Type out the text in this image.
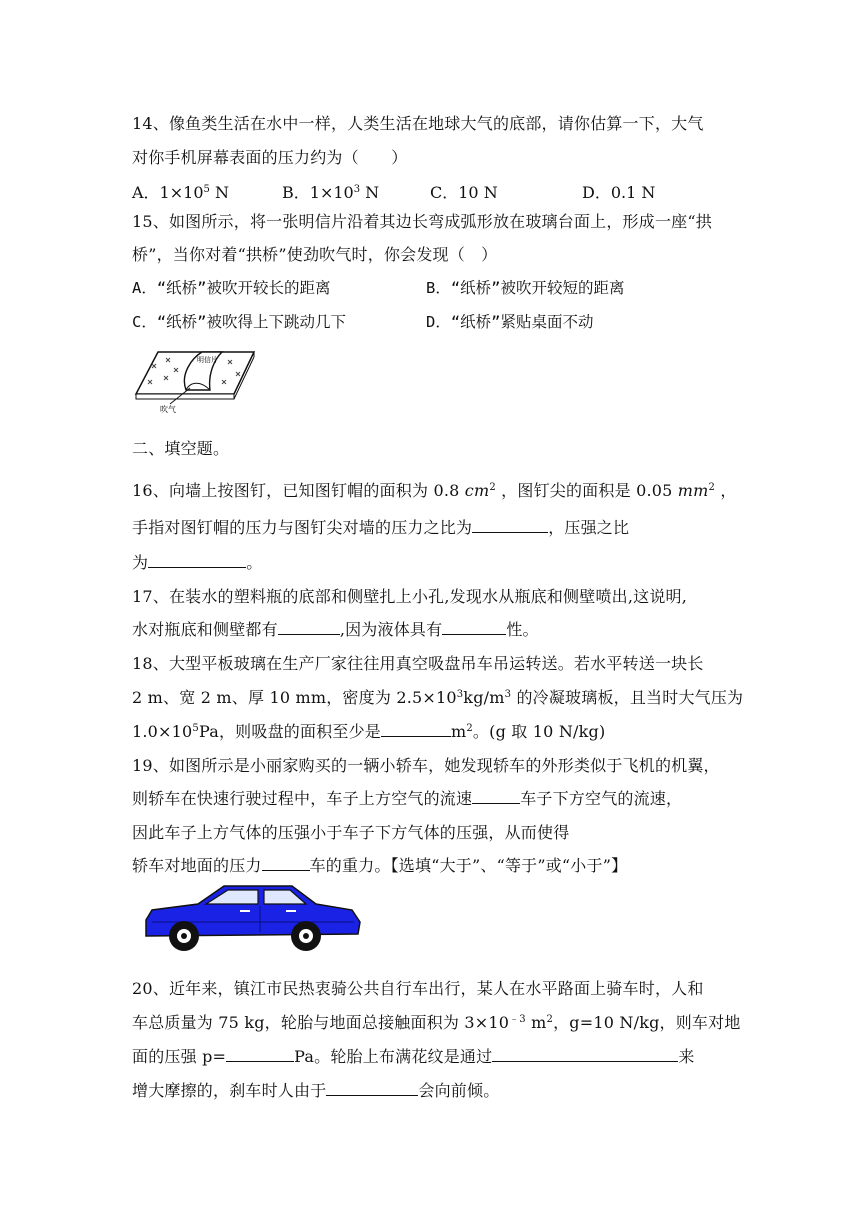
14、像鱼类生活在水中一样，人类生活在地球大气的底部，请你估算一下，大气
对你手机屏幕表面的压力约为（　　）
A．$1\times 10^5$ N	B．$1\times 10^3$ N	C．10 N	D．0.1 N
15、如图所示，将一张明信片沿着其边长弯成弧形放在玻璃台面上，形成一座“拱
桥”，当你对着“拱桥”使劲吹气时，你会发现（　）
A．“纸桥”被吹开较长的距离	B．“纸桥”被吹开较短的距离
C．“纸桥”被吹得上下跳动几下	D．“纸桥”紧贴桌面不动
明信片
吹气
二、填空题。
16、向墙上按图钉，已知图钉帽的面积为 0.8 $cm^2$ ，图钉尖的面积是 0.05 $mm^2$ ，
手指对图钉帽的压力与图钉尖对墙的压力之比为	，压强之比
为	。
17、在装水的塑料瓶的底部和侧壁扎上小孔,发现水从瓶底和侧壁喷出,这说明,
水对瓶底和侧壁都有	,因为液体具有	性。
18、大型平板玻璃在生产厂家往往用真空吸盘吊车吊运转送。若水平转送一块长
2 m、宽 2 m、厚 10 mm，密度为 $2.5\times 10^3kg/m^3$ 的冷凝玻璃板，且当时大气压为
$1.0\times 10^5Pa$，则吸盘的面积至少是	$m^2$。(g 取 10 N/kg)
19、如图所示是小丽家购买的一辆小轿车，她发现轿车的外形类似于飞机的机翼，
则轿车在快速行驶过程中，车子上方空气的流速	车子下方空气的流速，
因此车子上方气体的压强小于车子下方气体的压强，从而使得
轿车对地面的压力	车的重力。【选填“大于”、“等于”或“小于”】
20、近年来，镇江市民热衷骑公共自行车出行，某人在水平路面上骑车时，人和
车总质量为 75 kg，轮胎与地面总接触面积为 $3\times 10^{﹣3}$ $m^2$，g=10 N/kg，则车对地
面的压强 p=	Pa。轮胎上布满花纹是通过	来
增大摩擦的，刹车时人由于	会向前倾。
